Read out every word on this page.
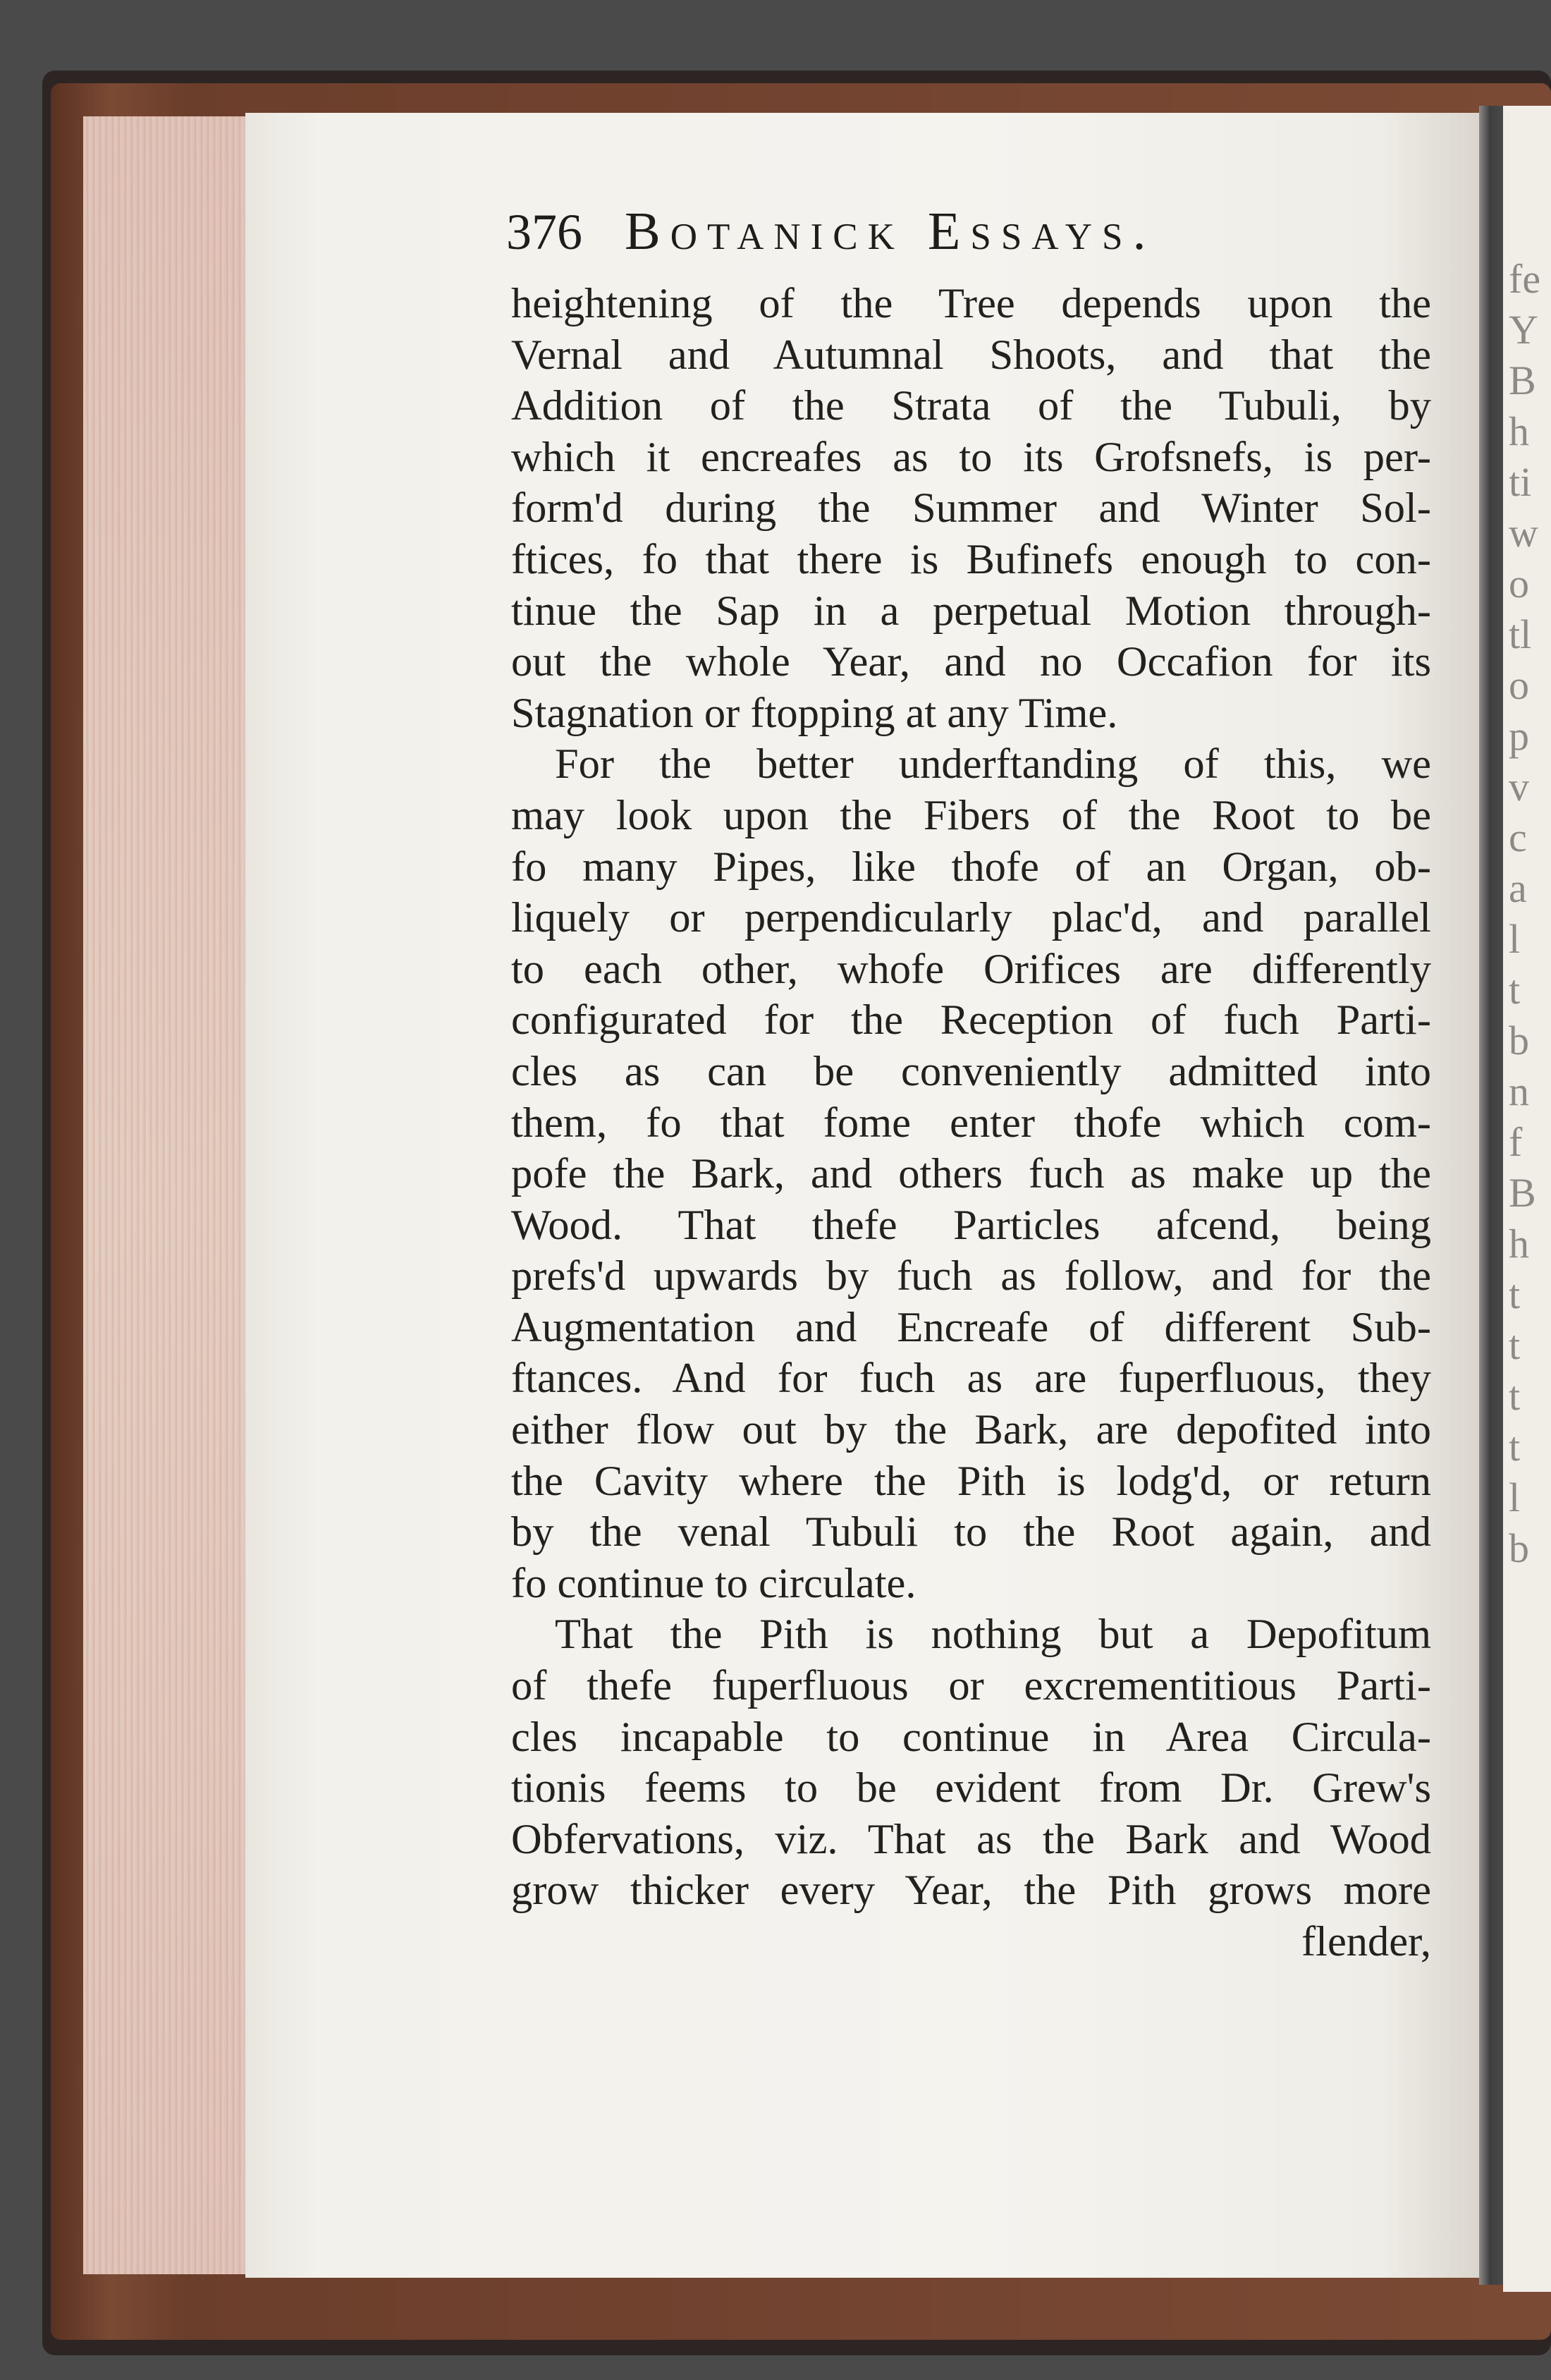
fe
Y
B
h
ti
w
o
tl
o
p
v
c
a
l
t
b
n
f
B
h
t
t
t
t
l
b
376 Botanick Essays.
heightening of the Tree depends upon the
Vernal and Autumnal Shoots, and that the
Addition of the Strata of the Tubuli, by
which it encreafes as to its Grofsnefs, is per-
form'd during the Summer and Winter Sol-
ftices, fo that there is Bufinefs enough to con-
tinue the Sap in a perpetual Motion through-
out the whole Year, and no Occafion for its
Stagnation or ftopping at any Time.
For the better underftanding of this, we
may look upon the Fibers of the Root to be
fo many Pipes, like thofe of an Organ, ob-
liquely or perpendicularly plac'd, and parallel
to each other, whofe Orifices are differently
configurated for the Reception of fuch Parti-
cles as can be conveniently admitted into
them, fo that fome enter thofe which com-
pofe the Bark, and others fuch as make up the
Wood. That thefe Particles afcend, being
prefs'd upwards by fuch as follow, and for the
Augmentation and Encreafe of different Sub-
ftances. And for fuch as are fuperfluous, they
either flow out by the Bark, are depofited into
the Cavity where the Pith is lodg'd, or return
by the venal Tubuli to the Root again, and
fo continue to circulate.
That the Pith is nothing but a Depofitum
of thefe fuperfluous or excrementitious Parti-
cles incapable to continue in Area Circula-
tionis feems to be evident from Dr. Grew's
Obfervations, viz. That as the Bark and Wood
grow thicker every Year, the Pith grows more
flender,
